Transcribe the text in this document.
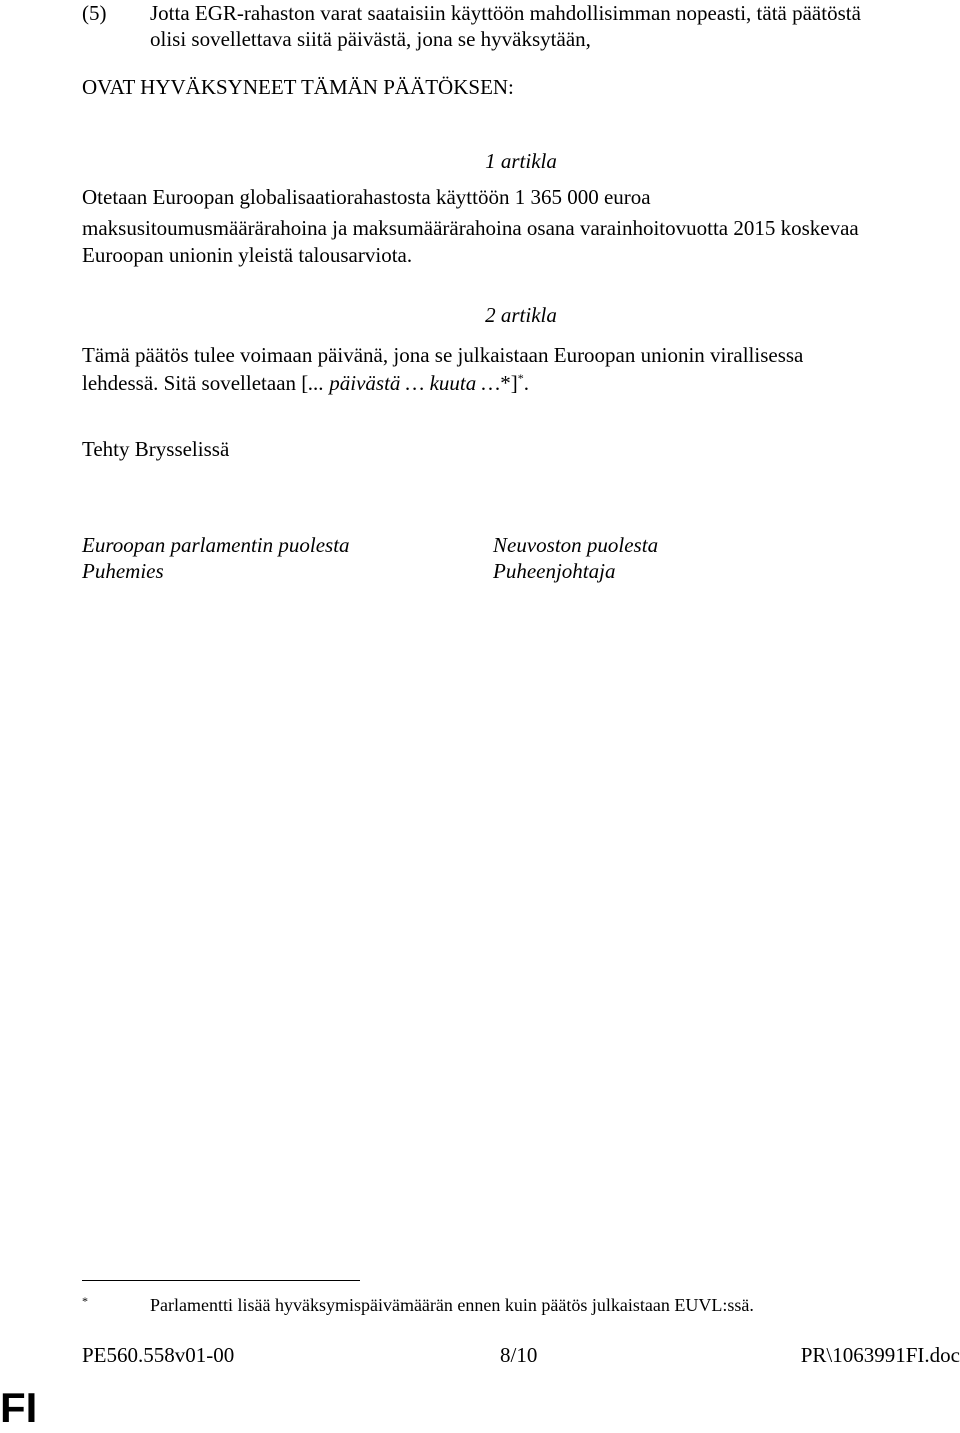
(5) Jotta EGR-rahaston varat saataisiin käyttöön mahdollisimman nopeasti, tätä päätöstä
olisi sovellettava siitä päivästä, jona se hyväksytään,
OVAT HYVÄKSYNEET TÄMÄN PÄÄTÖKSEN:
1 artikla
Otetaan Euroopan globalisaatiorahastosta käyttöön 1 365 000 euroa
maksusitoumusmäärärahoina ja maksumäärärahoina osana varainhoitovuotta 2015 koskevaa
Euroopan unionin yleistä talousarviota.
2 artikla
Tämä päätös tulee voimaan päivänä, jona se julkaistaan Euroopan unionin virallisessa
lehdessä. Sitä sovelletaan [... päivästä … kuuta …*]*.
Tehty Brysselissä
Euroopan parlamentin puolesta
Puhemies
Neuvoston puolesta
Puheenjohtaja
*	Parlamentti lisää hyväksymispäivämäärän ennen kuin päätös julkaistaan EUVL:ssä.
PE560.558v01-00	8/10	PR\1063991FI.doc
FI
